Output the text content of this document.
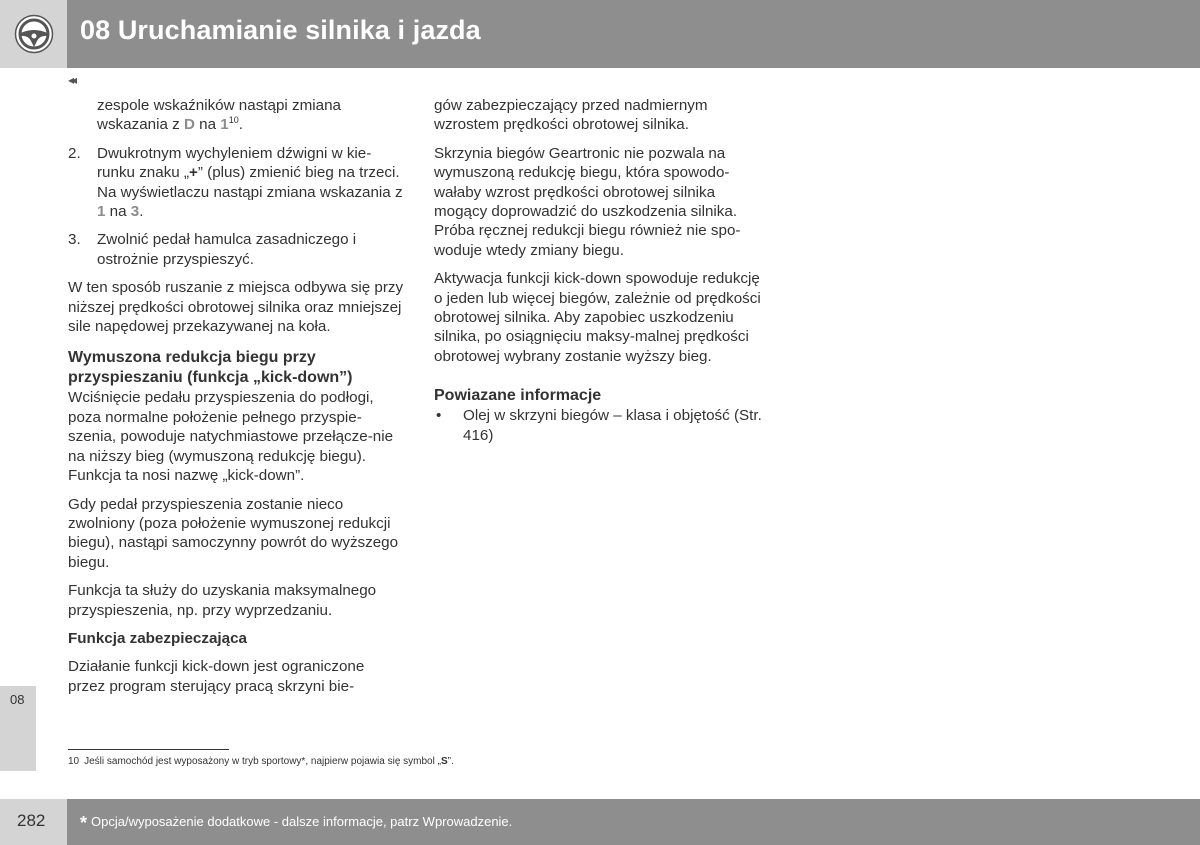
08 Uruchamianie silnika i jazda
08
◂◂

zespole wskaźników nastąpi zmiana
wskazania z D na $1^{10}$.

2. Dwukrotnym wychyleniem dźwigni w kie-runku znaku „+” (plus) zmienić bieg na trzeci. Na wyświetlaczu nastąpi zmiana wskazania z 1 na 3.
3. Zwolnić pedał hamulca zasadniczego i ostrożnie przyspieszyć.

W ten sposób ruszanie z miejsca odbywa się przy niższej prędkości obrotowej silnika oraz mniejszej sile napędowej przekazywanej na koła.

Wymuszona redukcja biegu przy przyspieszaniu (funkcja „kick-down”)

Wciśnięcie pedału przyspieszenia do podłogi, poza normalne położenie pełnego przyspie-szenia, powoduje natychmiastowe przełącze-nie na niższy bieg (wymuszoną redukcję biegu). Funkcja ta nosi nazwę „kick-down”.

Gdy pedał przyspieszenia zostanie nieco zwolniony (poza położenie wymuszonej redukcji biegu), nastąpi samoczynny powrót do wyższego biegu.

Funkcja ta służy do uzyskania maksymalnego przyspieszenia, np. przy wyprzedzaniu.

Funkcja zabezpieczająca

Działanie funkcji kick-down jest ograniczone przez program sterujący pracą skrzyni bie-

gów zabezpieczający przed nadmiernym wzrostem prędkości obrotowej silnika.

Skrzynia biegów Geartronic nie pozwala na wymuszoną redukcję biegu, która spowodo-wałaby wzrost prędkości obrotowej silnika mogący doprowadzić do uszkodzenia silnika. Próba ręcznej redukcji biegu również nie spo-woduje wtedy zmiany biegu.

Aktywacja funkcji kick-down spowoduje redukcję o jeden lub więcej biegów, zależnie od prędkości obrotowej silnika. Aby zapobiec uszkodzeniu silnika, po osiągnięciu maksy-malnej prędkości obrotowej wybrany zostanie wyższy bieg.

Powiazane informacje
• Olej w skrzyni biegów – klasa i objętość (Str. 416)
10 Jeśli samochód jest wyposażony w tryb sportowy*, najpierw pojawia się symbol „S”.
282 * Opcja/wyposażenie dodatkowe - dalsze informacje, patrz Wprowadzenie.
